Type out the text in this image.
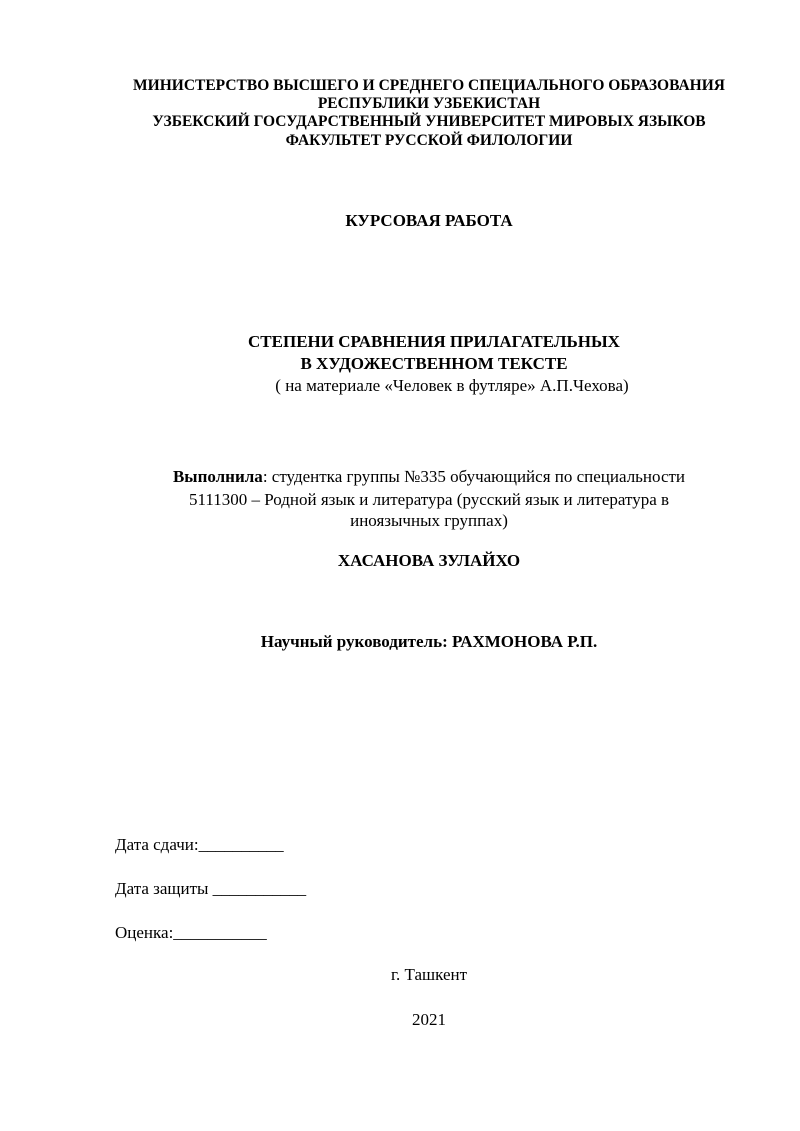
МИНИСТЕРСТВО ВЫСШЕГО И СРЕДНЕГО СПЕЦИАЛЬНОГО ОБРАЗОВАНИЯ
РЕСПУБЛИКИ УЗБЕКИСТАН
УЗБЕКСКИЙ ГОСУДАРСТВЕННЫЙ УНИВЕРСИТЕТ МИРОВЫХ ЯЗЫКОВ
ФАКУЛЬТЕТ РУССКОЙ ФИЛОЛОГИИ
КУРСОВАЯ РАБОТА
СТЕПЕНИ СРАВНЕНИЯ ПРИЛАГАТЕЛЬНЫХ
В ХУДОЖЕСТВЕННОМ ТЕКСТЕ
( на материале «Человек в футляре» А.П.Чехова)
Выполнила: студентка группы №335 обучающийся по специальности
5111300 – Родной язык и литература (русский язык и литература в
иноязычных группах)
ХАСАНОВА ЗУЛАЙХО
Научный руководитель: РАХМОНОВА Р.П.
Дата сдачи:__________
Дата защиты ___________
Оценка:___________
г. Ташкент
2021
